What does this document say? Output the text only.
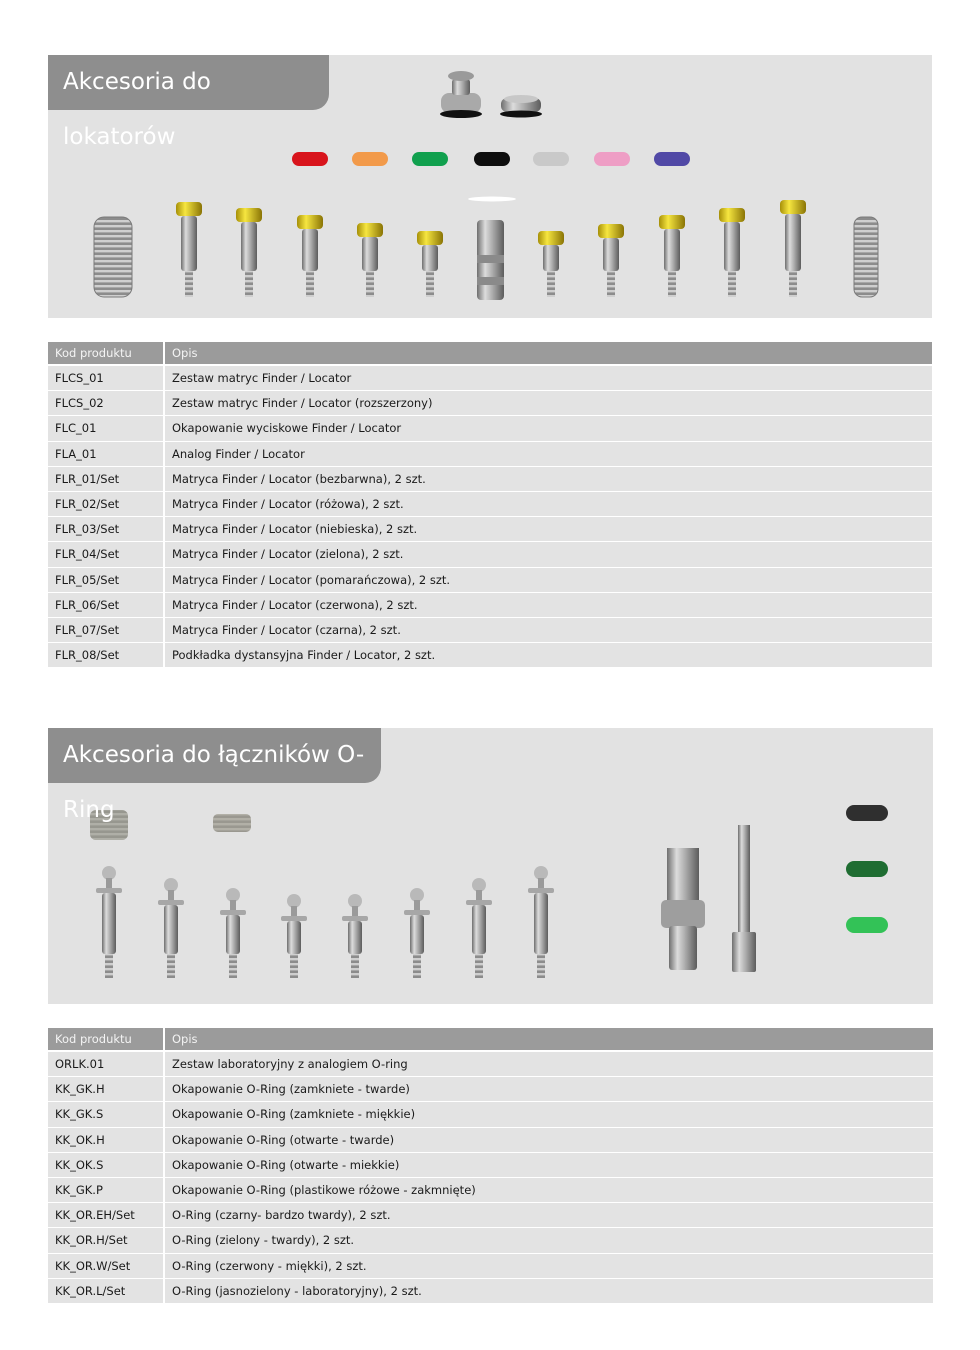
Akcesoria do lokatorów
Kod produktu	Opis
FLCS_01	Zestaw matryc Finder / Locator
FLCS_02	Zestaw matryc Finder / Locator (rozszerzony)
FLC_01	Okapowanie wyciskowe Finder / Locator
FLA_01	Analog Finder / Locator
FLR_01/Set	Matryca Finder / Locator (bezbarwna), 2 szt.
FLR_02/Set	Matryca Finder / Locator (różowa), 2 szt.
FLR_03/Set	Matryca Finder / Locator (niebieska), 2 szt.
FLR_04/Set	Matryca Finder / Locator (zielona), 2 szt.
FLR_05/Set	Matryca Finder / Locator (pomarańczowa), 2 szt.
FLR_06/Set	Matryca Finder / Locator (czerwona), 2 szt.
FLR_07/Set	Matryca Finder / Locator (czarna), 2 szt.
FLR_08/Set	Podkładka dystansyjna Finder / Locator, 2 szt.
Akcesoria do łączników O-Ring
Kod produktu	Opis
ORLK.01	Zestaw laboratoryjny z analogiem O-ring
KK_GK.H	Okapowanie O-Ring (zamkniete - twarde)
KK_GK.S	Okapowanie O-Ring (zamkniete - miękkie)
KK_OK.H	Okapowanie O-Ring (otwarte - twarde)
KK_OK.S	Okapowanie O-Ring (otwarte - miekkie)
KK_GK.P	Okapowanie O-Ring (plastikowe różowe - zakmnięte)
KK_OR.EH/Set	O-Ring (czarny- bardzo twardy), 2 szt.
KK_OR.H/Set	O-Ring (zielony - twardy), 2 szt.
KK_OR.W/Set	O-Ring (czerwony - miękki), 2 szt.
KK_OR.L/Set	O-Ring (jasnozielony - laboratoryjny), 2 szt.
